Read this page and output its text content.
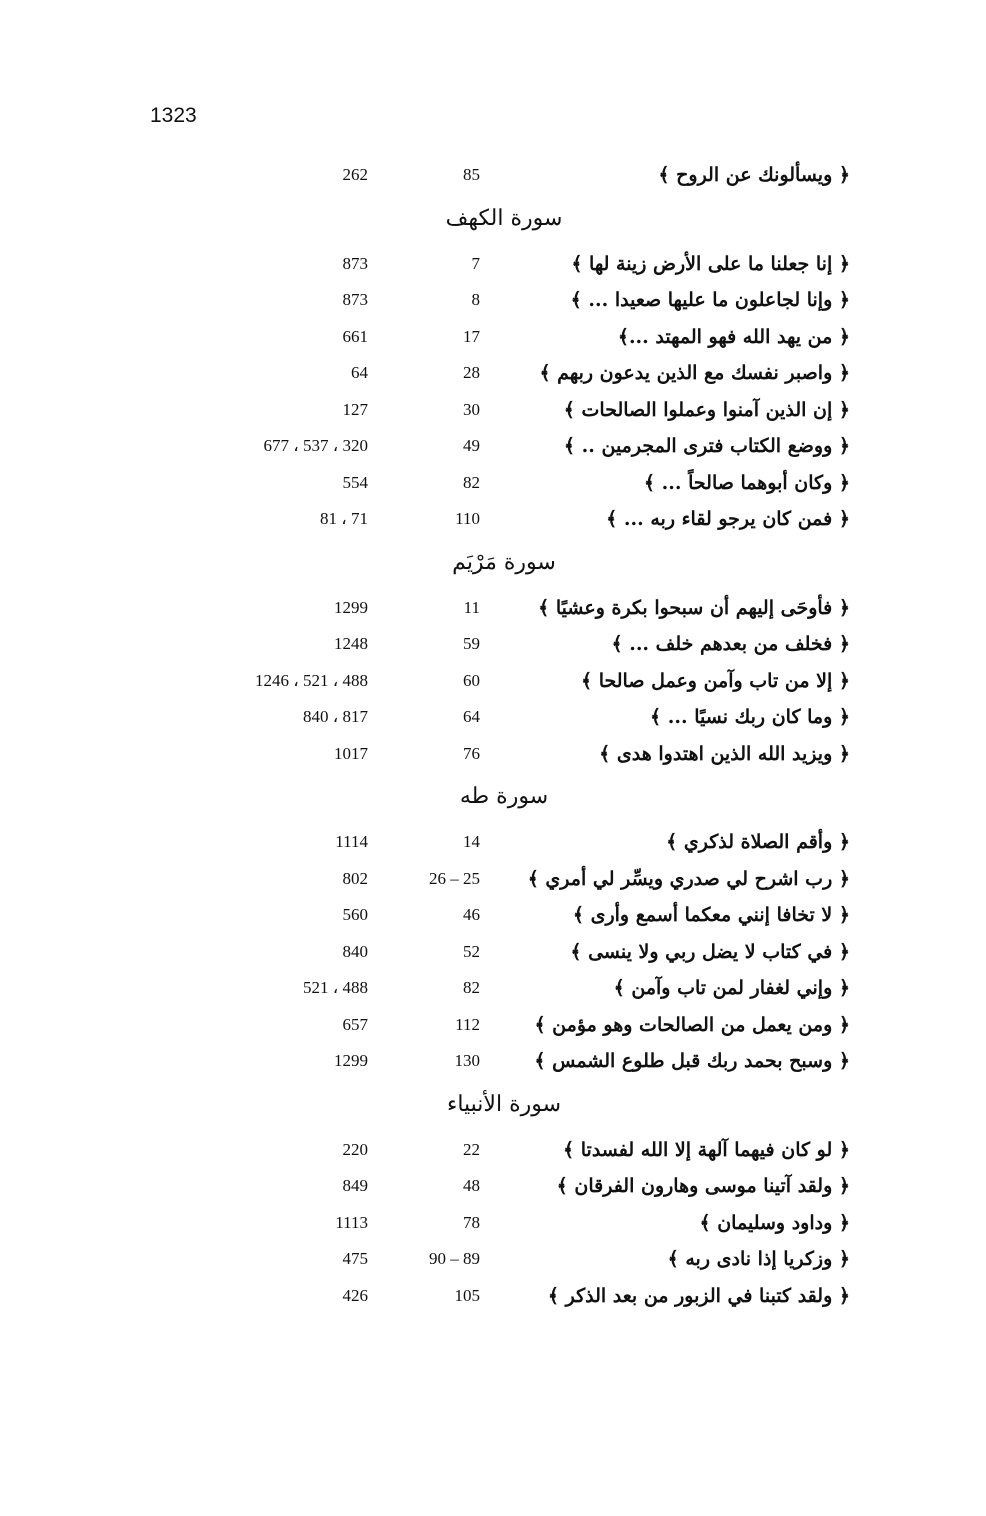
1323
﴿ ويسألونك عن الروح ﴾
85
262
سورة الكهف
﴿ إنا جعلنا ما على الأرض زينة لها ﴾
7
873
﴿ وإنا لجاعلون ما عليها صعيدا ... ﴾
8
873
﴿ من يهد الله فهو المهتد ...﴾
17
661
﴿ واصبر نفسك مع الذين يدعون ربهم ﴾
28
64
﴿ إن الذين آمنوا وعملوا الصالحات ﴾
30
127
﴿ ووضع الكتاب فترى المجرمين .. ﴾
49
320 ، 537 ، 677
﴿ وكان أبوهما صالحاً ... ﴾
82
554
﴿ فمن كان يرجو لقاء ربه ... ﴾
110
71 ، 81
سورة مَرْيَم
﴿ فأوحَى إليهم أن سبحوا بكرة وعشيًا ﴾
11
1299
﴿ فخلف من بعدهم خلف ... ﴾
59
1248
﴿ إلا من تاب وآمن وعمل صالحا ﴾
60
488 ، 521 ، 1246
﴿ وما كان ربك نسيًا ... ﴾
64
817 ، 840
﴿ ويزيد الله الذين اهتدوا هدى ﴾
76
1017
سورة طه
﴿ وأقم الصلاة لذكري ﴾
14
1114
﴿ رب اشرح لي صدري ويسِّر لي أمري ﴾
25 – 26
802
﴿ لا تخافا إنني معكما أسمع وأرى ﴾
46
560
﴿ في كتاب لا يضل ربي ولا ينسى ﴾
52
840
﴿ وإني لغفار لمن تاب وآمن ﴾
82
488 ، 521
﴿ ومن يعمل من الصالحات وهو مؤمن ﴾
112
657
﴿ وسبح بحمد ربك قبل طلوع الشمس ﴾
130
1299
سورة الأنبياء
﴿ لو كان فيهما آلهة إلا الله لفسدتا ﴾
22
220
﴿ ولقد آتينا موسى وهارون الفرقان ﴾
48
849
﴿ وداود وسليمان ﴾
78
1113
﴿ وزكريا إذا نادى ربه ﴾
89 – 90
475
﴿ ولقد كتبنا في الزبور من بعد الذكر ﴾
105
426
